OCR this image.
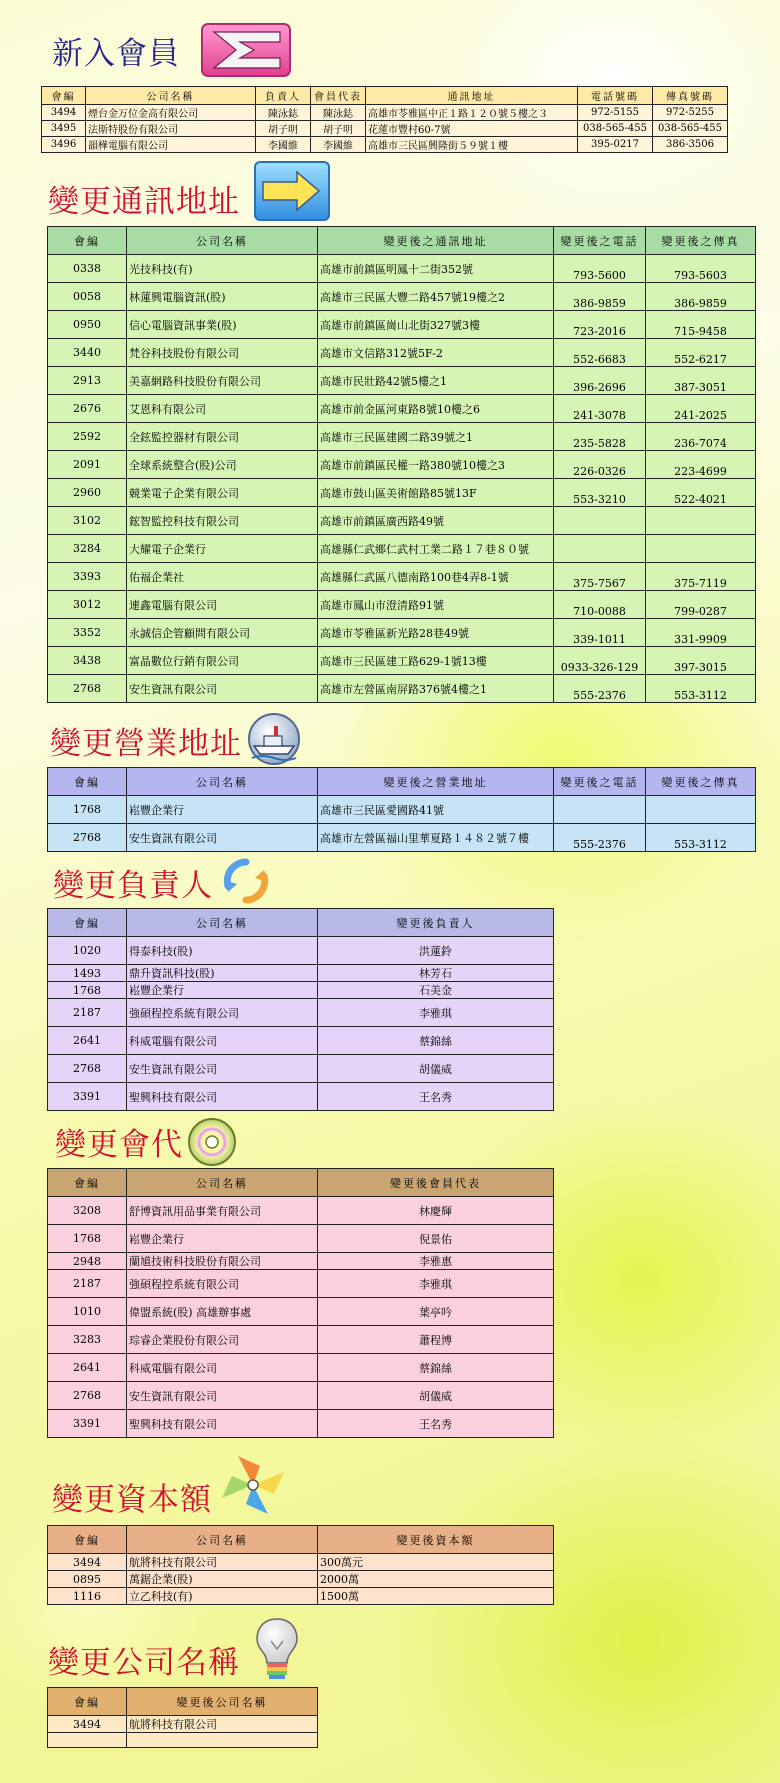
新入會員
會編	公司名稱	負責人	會員代表	通訊地址	電話號碼	傳真號碼
3494	煙台金万位金高有限公司	陳泳鋕	陳泳鋕	高雄市苓雅區中正１路１２０號５樓之３	972-5155	972-5255
3495	法斯特股份有限公司	胡子明	胡子明	花蓮市豐村60-7號	038-565-455	038-565-455
3496	韻樺電腦有限公司	李國維	李國維	高雄市三民區興隆街５９號１樓	395-0217	386-3506
變更通訊地址
會編	公司名稱	變更後之通訊地址	變更後之電話	變更後之傳真
0338	光技科技(有)	高雄市前鎮區明鳳十二街352號	793-5600	793-5603
0058	林蓮興電腦資訊(股)	高雄市三民區大豐二路457號19樓之2	386-9859	386-9859
0950	信心電腦資訊事業(股)	高雄市前鎮區崗山北街327號3樓	723-2016	715-9458
3440	梵谷科技股份有限公司	高雄市文信路312號5F-2	552-6683	552-6217
2913	美嘉網路科技股份有限公司	高雄市民壯路42號5樓之1	396-2696	387-3051
2676	艾恩科有限公司	高雄市前金區河東路8號10樓之6	241-3078	241-2025
2592	全鉉監控器材有限公司	高雄市三民區建國二路39號之1	235-5828	236-7074
2091	全球系統整合(股)公司	高雄市前鎮區民權一路380號10樓之3	226-0326	223-4699
2960	競業電子企業有限公司	高雄市鼓山區美術館路85號13F	553-3210	522-4021
3102	鋐智監控科技有限公司	高雄市前鎮區廣西路49號		
3284	大耀電子企業行	高雄縣仁武鄉仁武村工業二路１７巷８０號		
3393	佑福企業社	高雄縣仁武區八德南路100巷4弄8-1號	375-7567	375-7119
3012	連鑫電腦有限公司	高雄市鳳山市澄清路91號	710-0088	799-0287
3352	永誠信企管顧問有限公司	高雄市苓雅區新光路28巷49號	339-1011	331-9909
3438	富晶數位行銷有限公司	高雄市三民區建工路629-1號13樓	0933-326-129	397-3015
2768	安生資訊有限公司	高雄市左營區南屏路376號4樓之1	555-2376	553-3112
變更營業地址
會編	公司名稱	變更後之營業地址	變更後之電話	變更後之傳真
1768	崧豐企業行	高雄市三民區愛國路41號		
2768	安生資訊有限公司	高雄市左營區福山里華夏路１４８２號７樓	555-2376	553-3112
變更負責人
會編	公司名稱	變更後負責人
1020	得泰科技(股)	洪蓮鈴
1493	鼎升資訊科技(股)	林芳石
1768	崧豐企業行	石美金
2187	強碩程控系統有限公司	李雅琪
2641	科威電腦有限公司	蔡錦絲
2768	安生資訊有限公司	胡儀威
3391	聖興科技有限公司	王名秀
變更會代
會編	公司名稱	變更後會員代表
3208	舒博資訊用品事業有限公司	林慶輝
1768	崧豐企業行	倪景佑
2948	蘭馗技術科技股份有限公司	李雅惠
2187	強碩程控系統有限公司	李雅琪
1010	偉盟系統(股) 高雄辦事處	葉亭吟
3283	琮睿企業股份有限公司	蕭程博
2641	科威電腦有限公司	蔡錦絲
2768	安生資訊有限公司	胡儀威
3391	聖興科技有限公司	王名秀
變更資本額
會編	公司名稱	變更後資本額
3494	航將科技有限公司	300萬元
0895	萬鋸企業(股)	2000萬
1116	立乙科技(有)	1500萬
變更公司名稱
會編	變更後公司名稱
3494	航將科技有限公司
